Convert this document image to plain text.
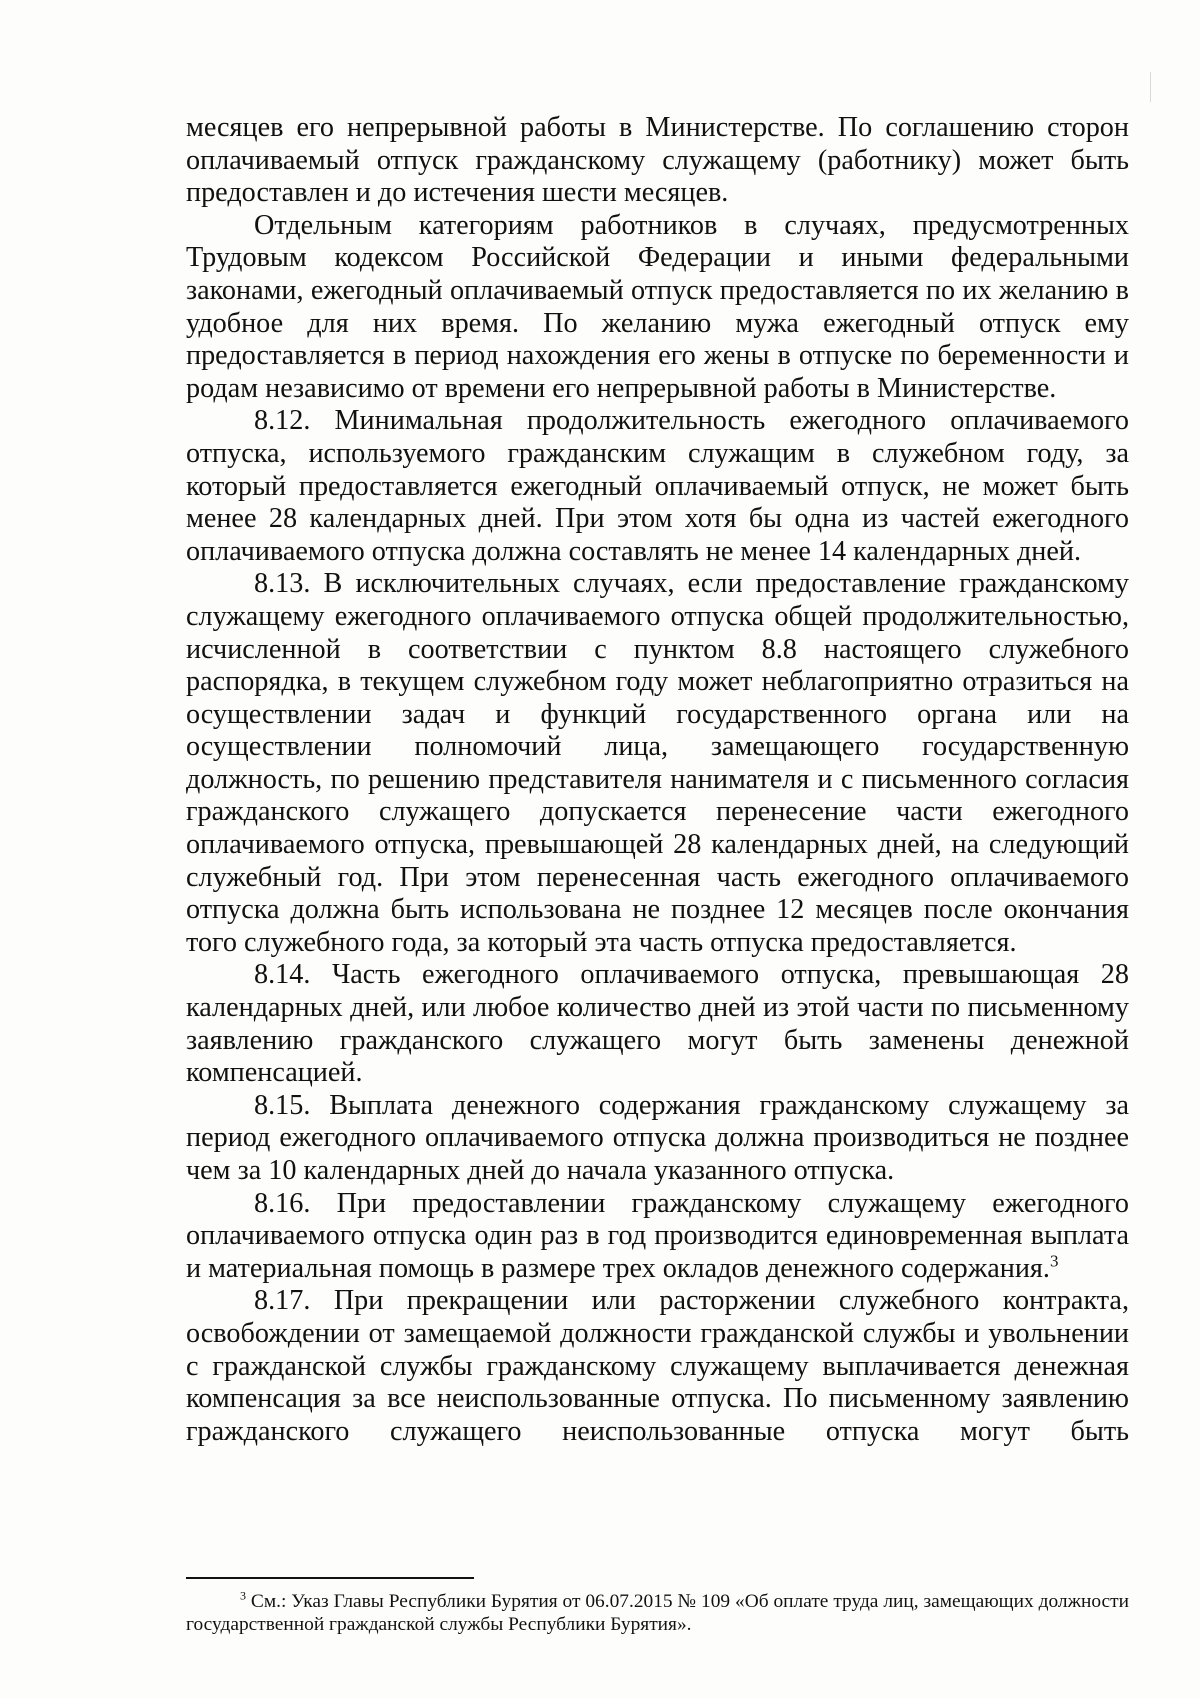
месяцев его непрерывной работы в Министерстве. По соглашению сторон оплачиваемый отпуск гражданскому служащему (работнику) может быть предоставлен и до истечения шести месяцев.

Отдельным категориям работников в случаях, предусмотренных Трудовым кодексом Российской Федерации и иными федеральными законами, ежегодный оплачиваемый отпуск предоставляется по их желанию в удобное для них время. По желанию мужа ежегодный отпуск ему предоставляется в период нахождения его жены в отпуске по беременности и родам независимо от времени его непрерывной работы в Министерстве.

8.12. Минимальная продолжительность ежегодного оплачиваемого отпуска, используемого гражданским служащим в служебном году, за который предоставляется ежегодный оплачиваемый отпуск, не может быть менее 28 календарных дней. При этом хотя бы одна из частей ежегодного оплачиваемого отпуска должна составлять не менее 14 календарных дней.

8.13. В исключительных случаях, если предоставление гражданскому служащему ежегодного оплачиваемого отпуска общей продолжительностью, исчисленной в соответствии с пунктом 8.8 настоящего служебного распорядка, в текущем служебном году может неблагоприятно отразиться на осуществлении задач и функций государственного органа или на осуществлении полномочий лица, замещающего государственную должность, по решению представителя нанимателя и с письменного согласия гражданского служащего допускается перенесение части ежегодного оплачиваемого отпуска, превышающей 28 календарных дней, на следующий служебный год. При этом перенесенная часть ежегодного оплачиваемого отпуска должна быть использована не позднее 12 месяцев после окончания того служебного года, за который эта часть отпуска предоставляется.

8.14. Часть ежегодного оплачиваемого отпуска, превышающая 28 календарных дней, или любое количество дней из этой части по письменному заявлению гражданского служащего могут быть заменены денежной компенсацией.

8.15. Выплата денежного содержания гражданскому служащему за период ежегодного оплачиваемого отпуска должна производиться не позднее чем за 10 календарных дней до начала указанного отпуска.

8.16. При предоставлении гражданскому служащему ежегодного оплачиваемого отпуска один раз в год производится единовременная выплата и материальная помощь в размере трех окладов денежного содержания.$^3$

8.17. При прекращении или расторжении служебного контракта, освобождении от замещаемой должности гражданской службы и увольнении с гражданской службы гражданскому служащему выплачивается денежная компенсация за все неиспользованные отпуска. По письменному заявлению гражданского служащего неиспользованные отпуска могут быть

$^3$ См.: Указ Главы Республики Бурятия от 06.07.2015 № 109 «Об оплате труда лиц, замещающих должности государственной гражданской службы Республики Бурятия».
